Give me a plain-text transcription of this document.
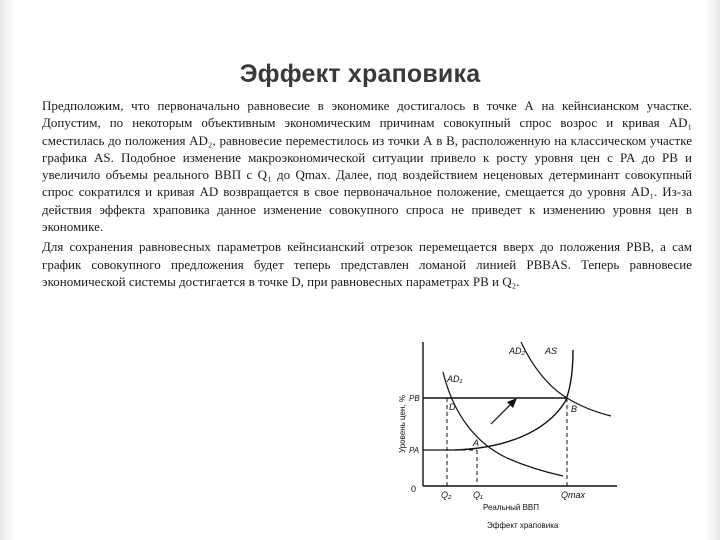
Эффект храповика

Предположим, что первоначально равновесие в экономике достигалось в точке А на кейнсианском участке. Допустим, по некоторым объективным экономическим причинам совокупный спрос возрос и кривая AD₁ сместилась до положения AD₂, равновесие переместилось из точки А в B, расположенную на классическом участке графика AS. Подобное изменение макроэкономической ситуации привело к росту уровня цен с PA до PB и увеличило объемы реального ВВП с Q₁ до Qmax. Далее, под воздействием неценовых детерминант совокупный спрос сократился и кривая AD возвращается в свое первоначальное положение, смещается до уровня AD₁. Из-за действия эффекта храповика данное изменение совокупного спроса не приведет к изменению уровня цен в экономике.

Для сохранения равновесных параметров кейнсианский отрезок перемещается вверх до положения PBB, а сам график совокупного предложения будет теперь представлен ломаной линией PBBAS. Теперь равновесие экономической системы достигается в точке D, при равновесных параметрах PB и Q₂.

Уровень цен, %
0
PB
PA
Q₂ Q₁	Qmax
AD₁
AD₂ AS
D	B
A
Реальный ВВП
Эффект храповика
